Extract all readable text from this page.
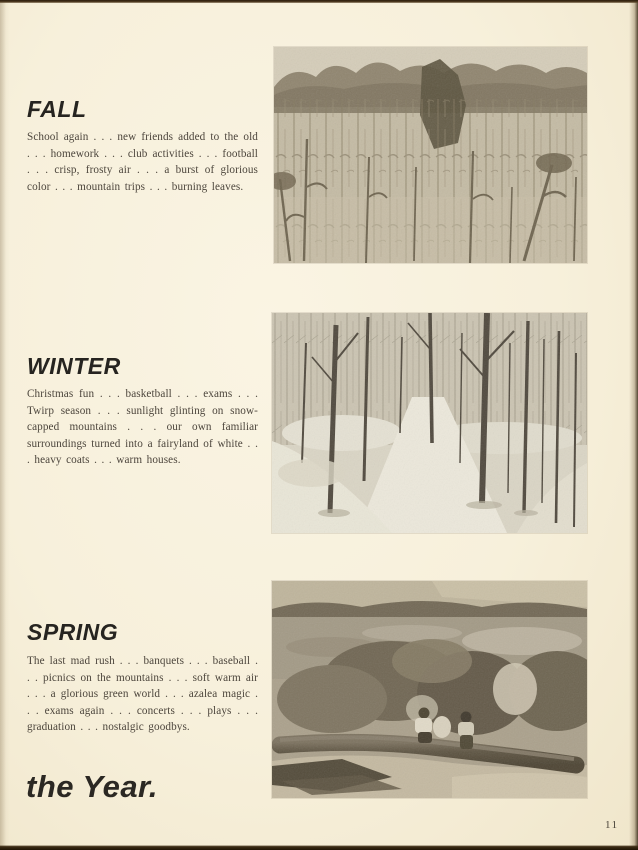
FALL

School again . . . new friends added to the old . . . homework . . . club activities . . . football . . . crisp, frosty air . . . a burst of glorious color . . . mountain trips . . . burning leaves.

WINTER

Christmas fun . . . basketball . . . exams . . . Twirp season . . . sunlight glinting on snow-capped mountains . . . our own familiar surroundings turned into a fairyland of white . . . heavy coats . . . warm houses.

SPRING

The last mad rush . . . banquets . . . baseball . . . picnics on the mountains . . . soft warm air . . . a glorious green world . . . azalea magic . . . exams again . . . concerts . . . plays . . . graduation . . . nostalgic goodbys.

the Year.
11
